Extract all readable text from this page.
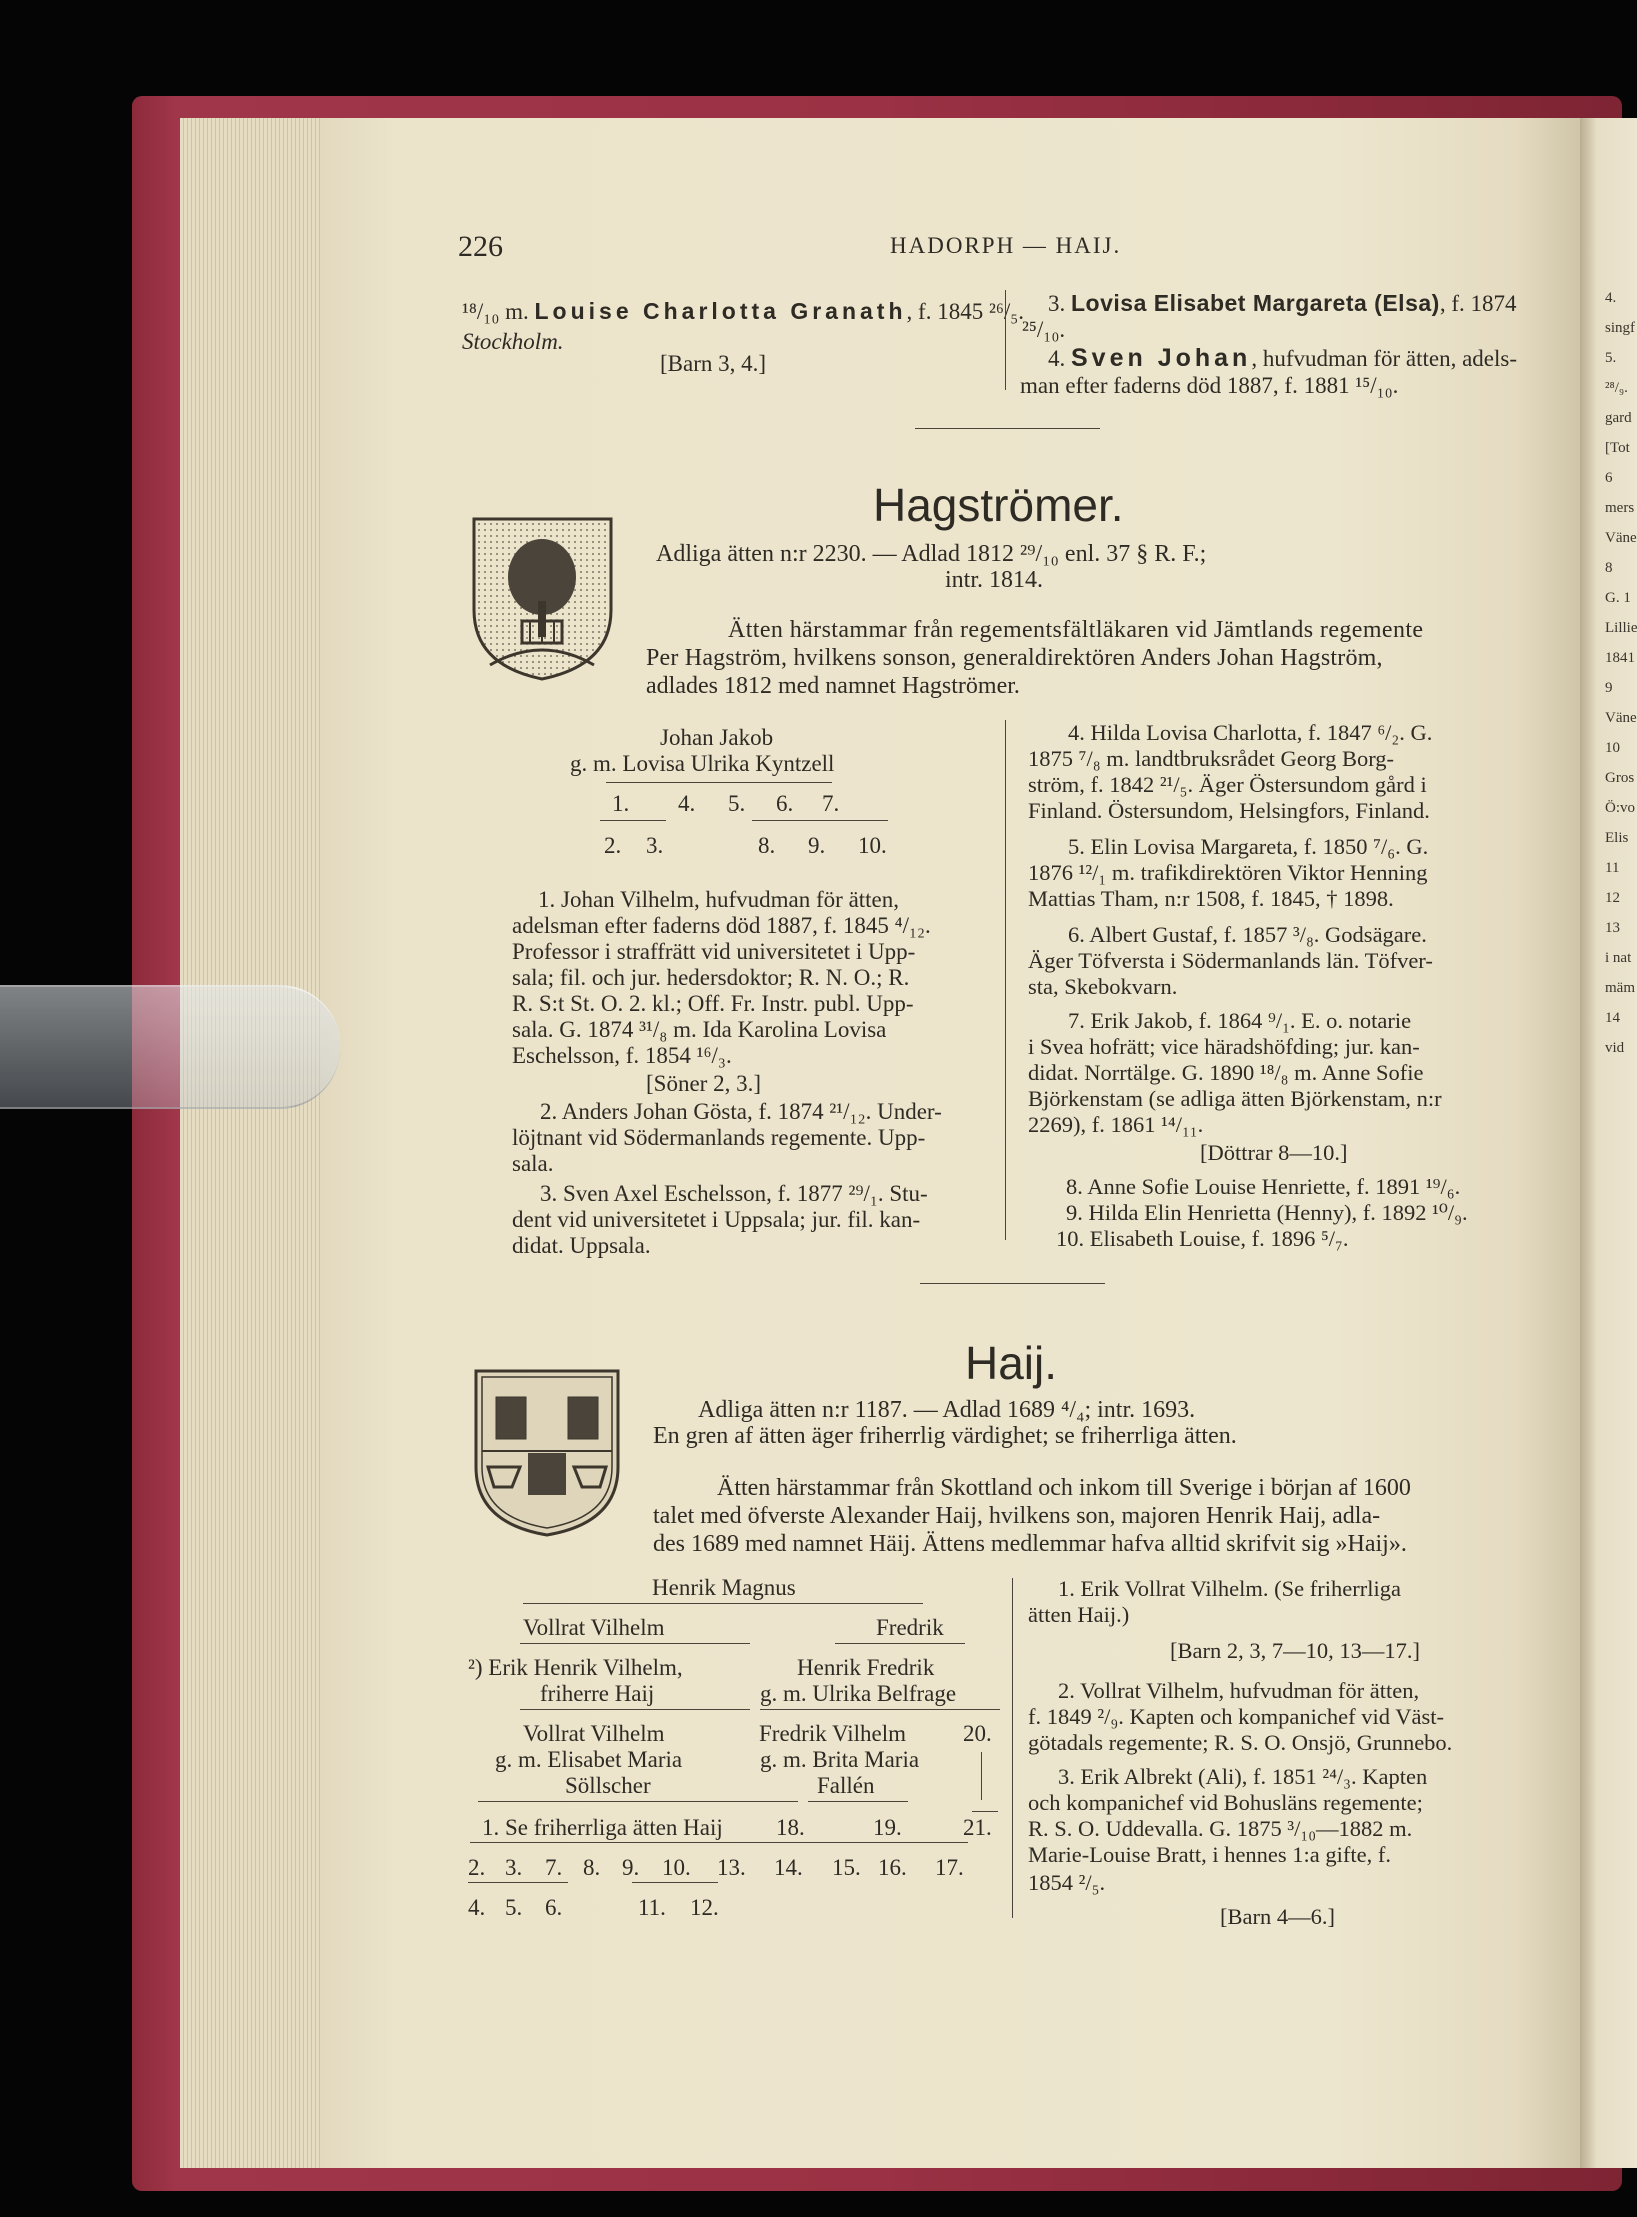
4.
singf
5.
²⁸/₉.
gard
[Tot
6
mers
Väne
8
G. 1
Lillie
1841
9
Väne
10
Gros
Ö:vo
Elis
11
12
13
i nat
mäm
14
vid
226	HADORPH — HAIJ.
¹⁸/₁₀ m. Louise Charlotta Granath, f. 1845 ²⁶/₅.
Stockholm.
[Barn 3, 4.]
3. Lovisa Elisabet Margareta (Elsa), f. 1874
²⁵/₁₀.
4. Sven Johan, hufvudman för ätten, adels-
man efter faderns död 1887, f. 1881 ¹⁵/₁₀.
Hagströmer.
Adliga ätten n:r 2230. — Adlad 1812 ²⁹/₁₀ enl. 37 § R. F.;
intr. 1814.
Ätten härstammar från regementsfältläkaren vid Jämtlands regemente
Per Hagström, hvilkens sonson, generaldirektören Anders Johan Hagström,
adlades 1812 med namnet Hagströmer.
Johan Jakob
g. m. Lovisa Ulrika Kyntzell
1. 4. 5. 6. 7.
2. 3.	8. 9. 10.
1. Johan Vilhelm, hufvudman för ätten,
adelsman efter faderns död 1887, f. 1845 ⁴/₁₂.
Professor i straffrätt vid universitetet i Upp-
sala; fil. och jur. hedersdoktor; R. N. O.; R.
R. S:t St. O. 2. kl.; Off. Fr. Instr. publ. Upp-
sala. G. 1874 ³¹/₈ m. Ida Karolina Lovisa
Eschelsson, f. 1854 ¹⁶/₃.
[Söner 2, 3.]
2. Anders Johan Gösta, f. 1874 ²¹/₁₂. Under-
löjtnant vid Södermanlands regemente. Upp-
sala.
3. Sven Axel Eschelsson, f. 1877 ²⁹/₁. Stu-
dent vid universitetet i Uppsala; jur. fil. kan-
didat. Uppsala.
4. Hilda Lovisa Charlotta, f. 1847 ⁶/₂. G.
1875 ⁷/₈ m. landtbruksrådet Georg Borg-
ström, f. 1842 ²¹/₅. Äger Östersundom gård i
Finland. Östersundom, Helsingfors, Finland.
5. Elin Lovisa Margareta, f. 1850 ⁷/₆. G.
1876 ¹²/₁ m. trafikdirektören Viktor Henning
Mattias Tham, n:r 1508, f. 1845, † 1898.
6. Albert Gustaf, f. 1857 ³/₈. Godsägare.
Äger Töfversta i Södermanlands län. Töfver-
sta, Skebokvarn.
7. Erik Jakob, f. 1864 ⁹/₁. E. o. notarie
i Svea hofrätt; vice häradshöfding; jur. kan-
didat. Norrtälge. G. 1890 ¹⁸/₈ m. Anne Sofie
Björkenstam (se adliga ätten Björkenstam, n:r
2269), f. 1861 ¹⁴/₁₁.
[Döttrar 8—10.]
8. Anne Sofie Louise Henriette, f. 1891 ¹⁹/₆.
9. Hilda Elin Henrietta (Henny), f. 1892 ¹⁰/₉.
10. Elisabeth Louise, f. 1896 ⁵/₇.
Haij.
Adliga ätten n:r 1187. — Adlad 1689 ⁴/₄; intr. 1693.
En gren af ätten äger friherrlig värdighet; se friherrliga ätten.
Ätten härstammar från Skottland och inkom till Sverige i början af 1600
talet med öfverste Alexander Haij, hvilkens son, majoren Henrik Haij, adla-
des 1689 med namnet Häij. Ättens medlemmar hafva alltid skrifvit sig »Haij».
Henrik Magnus
Vollrat Vilhelm	Fredrik
²) Erik Henrik Vilhelm,
friherre Haij
Henrik Fredrik
g. m. Ulrika Belfrage
Vollrat Vilhelm
g. m. Elisabet Maria
Söllscher
Fredrik Vilhelm
g. m. Brita Maria
Fallén
20.
1. Se friherrliga ätten Haij 18.	19.	21.
2. 3. 7. 8. 9. 10. 13. 14. 15. 16. 17.
4. 5. 6.	11. 12.
1. Erik Vollrat Vilhelm. (Se friherrliga
ätten Haij.)
[Barn 2, 3, 7—10, 13—17.]
2. Vollrat Vilhelm, hufvudman för ätten,
f. 1849 ²/₉. Kapten och kompanichef vid Väst-
götadals regemente; R. S. O. Onsjö, Grunnebo.
3. Erik Albrekt (Ali), f. 1851 ²⁴/₃. Kapten
och kompanichef vid Bohusläns regemente;
R. S. O. Uddevalla. G. 1875 ³/₁₀—1882 m.
Marie-Louise Bratt, i hennes 1:a gifte, f.
1854 ²/₅.
[Barn 4—6.]
